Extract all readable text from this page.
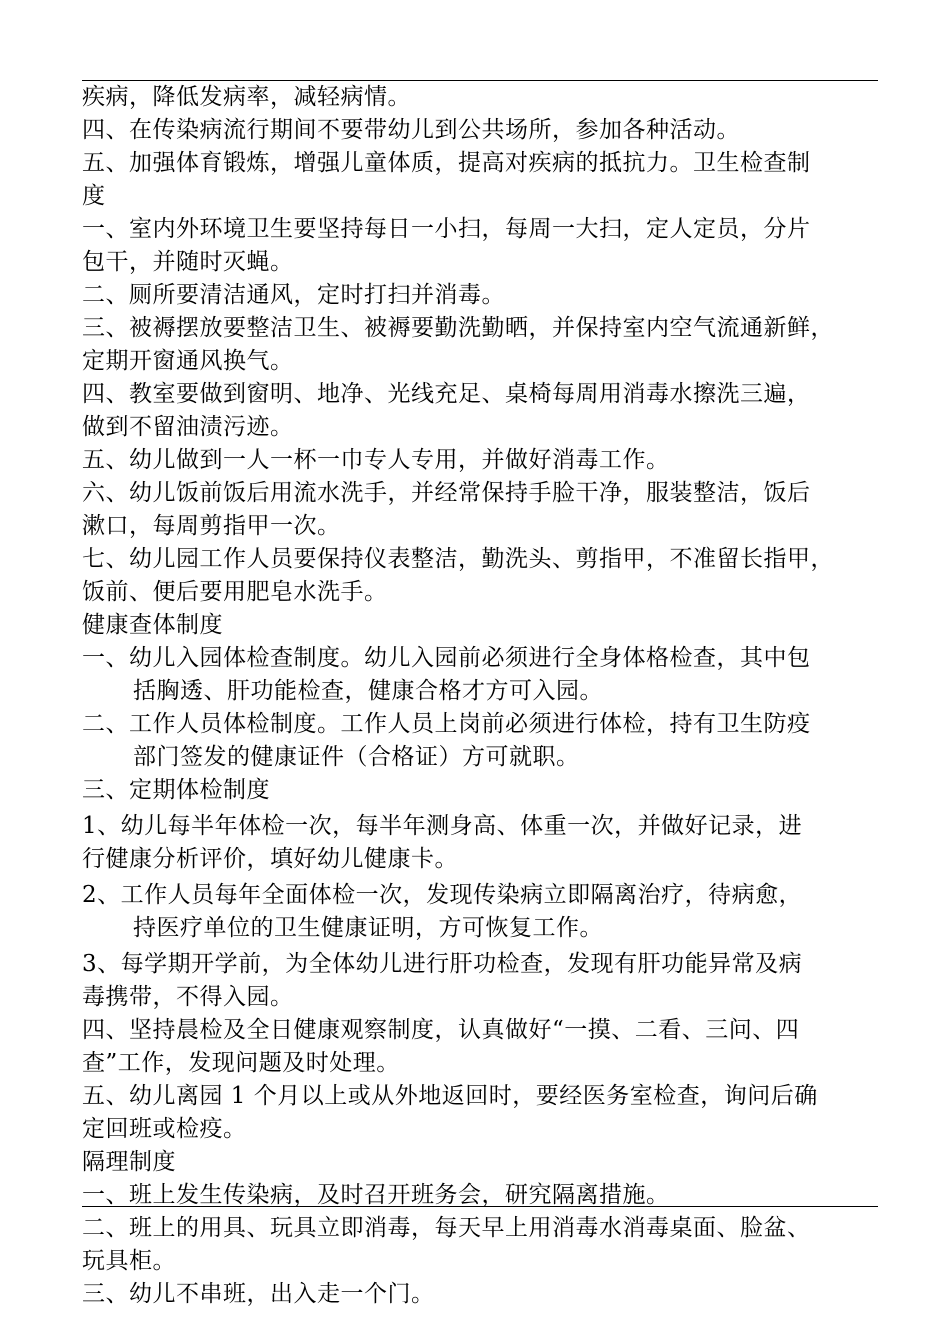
疾病，降低发病率，减轻病情。
四、在传染病流行期间不要带幼儿到公共场所，参加各种活动。
五、加强体育锻炼，增强儿童体质，提高对疾病的抵抗力。卫生检查制
度
一、室内外环境卫生要坚持每日一小扫，每周一大扫，定人定员，分片
包干，并随时灭蝇。
二、厕所要清洁通风，定时打扫并消毒。
三、被褥摆放要整洁卫生、被褥要勤洗勤晒，并保持室内空气流通新鲜，
定期开窗通风换气。
四、教室要做到窗明、地净、光线充足、桌椅每周用消毒水擦洗三遍，
做到不留油渍污迹。
五、幼儿做到一人一杯一巾专人专用，并做好消毒工作。
六、幼儿饭前饭后用流水洗手，并经常保持手脸干净，服装整洁，饭后
漱口，每周剪指甲一次。
七、幼儿园工作人员要保持仪表整洁，勤洗头、剪指甲，不准留长指甲，
饭前、便后要用肥皂水洗手。
健康查体制度
一、幼儿入园体检查制度。幼儿入园前必须进行全身体格检查，其中包
括胸透、肝功能检查，健康合格才方可入园。
二、工作人员体检制度。工作人员上岗前必须进行体检，持有卫生防疫
部门签发的健康证件（合格证）方可就职。
三、定期体检制度
1、幼儿每半年体检一次，每半年测身高、体重一次，并做好记录，进
行健康分析评价，填好幼儿健康卡。
2、工作人员每年全面体检一次，发现传染病立即隔离治疗，待病愈，
持医疗单位的卫生健康证明，方可恢复工作。
3、每学期开学前，为全体幼儿进行肝功检查，发现有肝功能异常及病
毒携带，不得入园。
四、坚持晨检及全日健康观察制度，认真做好“一摸、二看、三问、四
查”工作，发现问题及时处理。
五、幼儿离园 1 个月以上或从外地返回时，要经医务室检查，询问后确
定回班或检疫。
隔理制度
一、班上发生传染病，及时召开班务会，研究隔离措施。
二、班上的用具、玩具立即消毒，每天早上用消毒水消毒桌面、脸盆、
玩具柜。
三、幼儿不串班，出入走一个门。
